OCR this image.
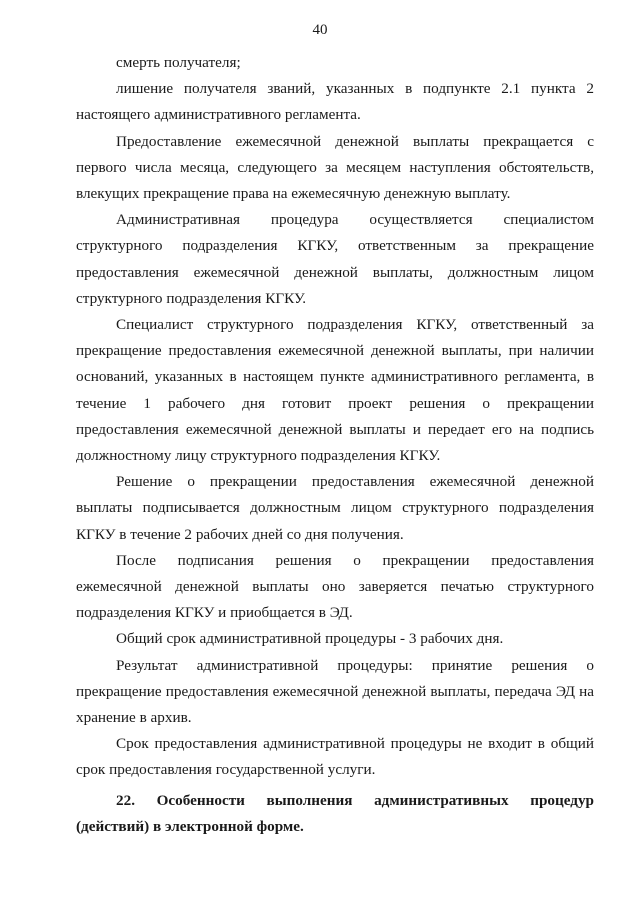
40

смерть получателя;

лишение получателя званий, указанных в подпункте 2.1 пункта 2 настоящего административного регламента.

Предоставление ежемесячной денежной выплаты прекращается с первого числа месяца, следующего за месяцем наступления обстоятельств, влекущих прекращение права на ежемесячную денежную выплату.

Административная процедура осуществляется специалистом структурного подразделения КГКУ, ответственным за прекращение предоставления ежемесячной денежной выплаты, должностным лицом структурного подразделения КГКУ.

Специалист структурного подразделения КГКУ, ответственный за прекращение предоставления ежемесячной денежной выплаты, при наличии оснований, указанных в настоящем пункте административного регламента, в течение 1 рабочего дня готовит проект решения о прекращении предоставления ежемесячной денежной выплаты и передает его на подпись должностному лицу структурного подразделения КГКУ.

Решение о прекращении предоставления ежемесячной денежной выплаты подписывается должностным лицом структурного подразделения КГКУ в течение 2 рабочих дней со дня получения.

После подписания решения о прекращении предоставления ежемесячной денежной выплаты оно заверяется печатью структурного подразделения КГКУ и приобщается в ЭД.

Общий срок административной процедуры - 3 рабочих дня.

Результат административной процедуры: принятие решения о прекращение предоставления ежемесячной денежной выплаты, передача ЭД на хранение в архив.

Срок предоставления административной процедуры не входит в общий срок предоставления государственной услуги.

22. Особенности выполнения административных процедур (действий) в электронной форме.
